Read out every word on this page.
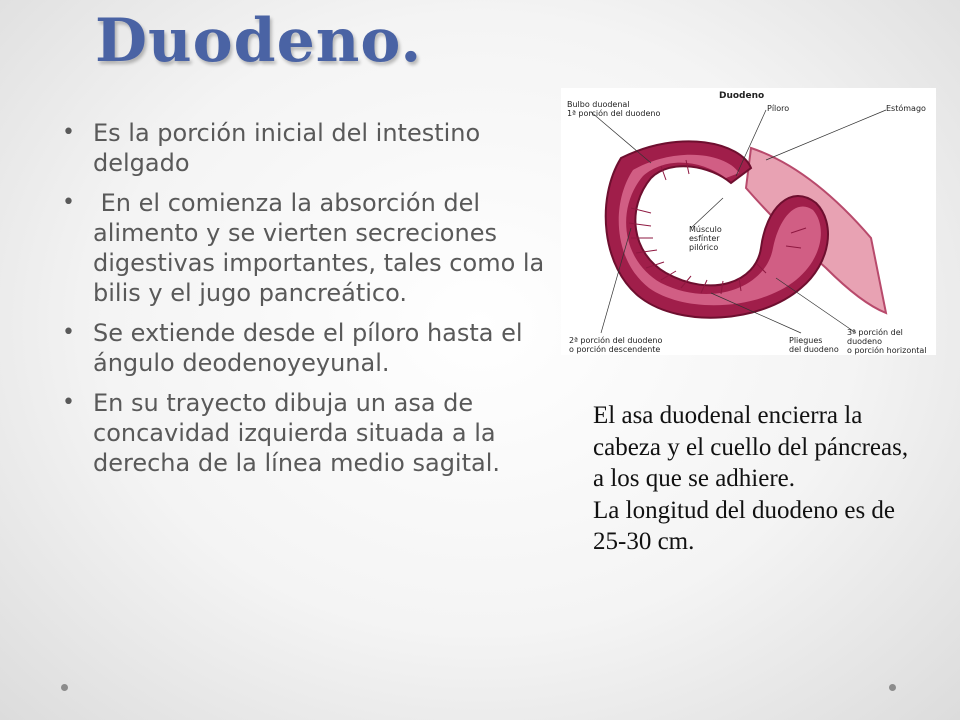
Duodeno.
• Es la porción inicial del intestino delgado
• En el comienza la absorción del alimento y se vierten secreciones digestivas importantes, tales como la bilis y el jugo pancreático.
• Se extiende desde el píloro hasta el ángulo deodenoyeyunal.
• En su trayecto dibuja un asa de concavidad izquierda situada a la derecha de la línea medio sagital.
Duodeno
Bulbo duodenal
1ª porción del duodeno
Píloro	Estómago
Músculo
esfínter
pilórico
2ª porción del duodeno
o porción descendente
Pliegues
del duodeno
3ª porción del duodeno
o porción horizontal

El asa duodenal encierra la cabeza y el cuello del páncreas, a los que se adhiere.

La longitud del duodeno es de 25-30 cm.
